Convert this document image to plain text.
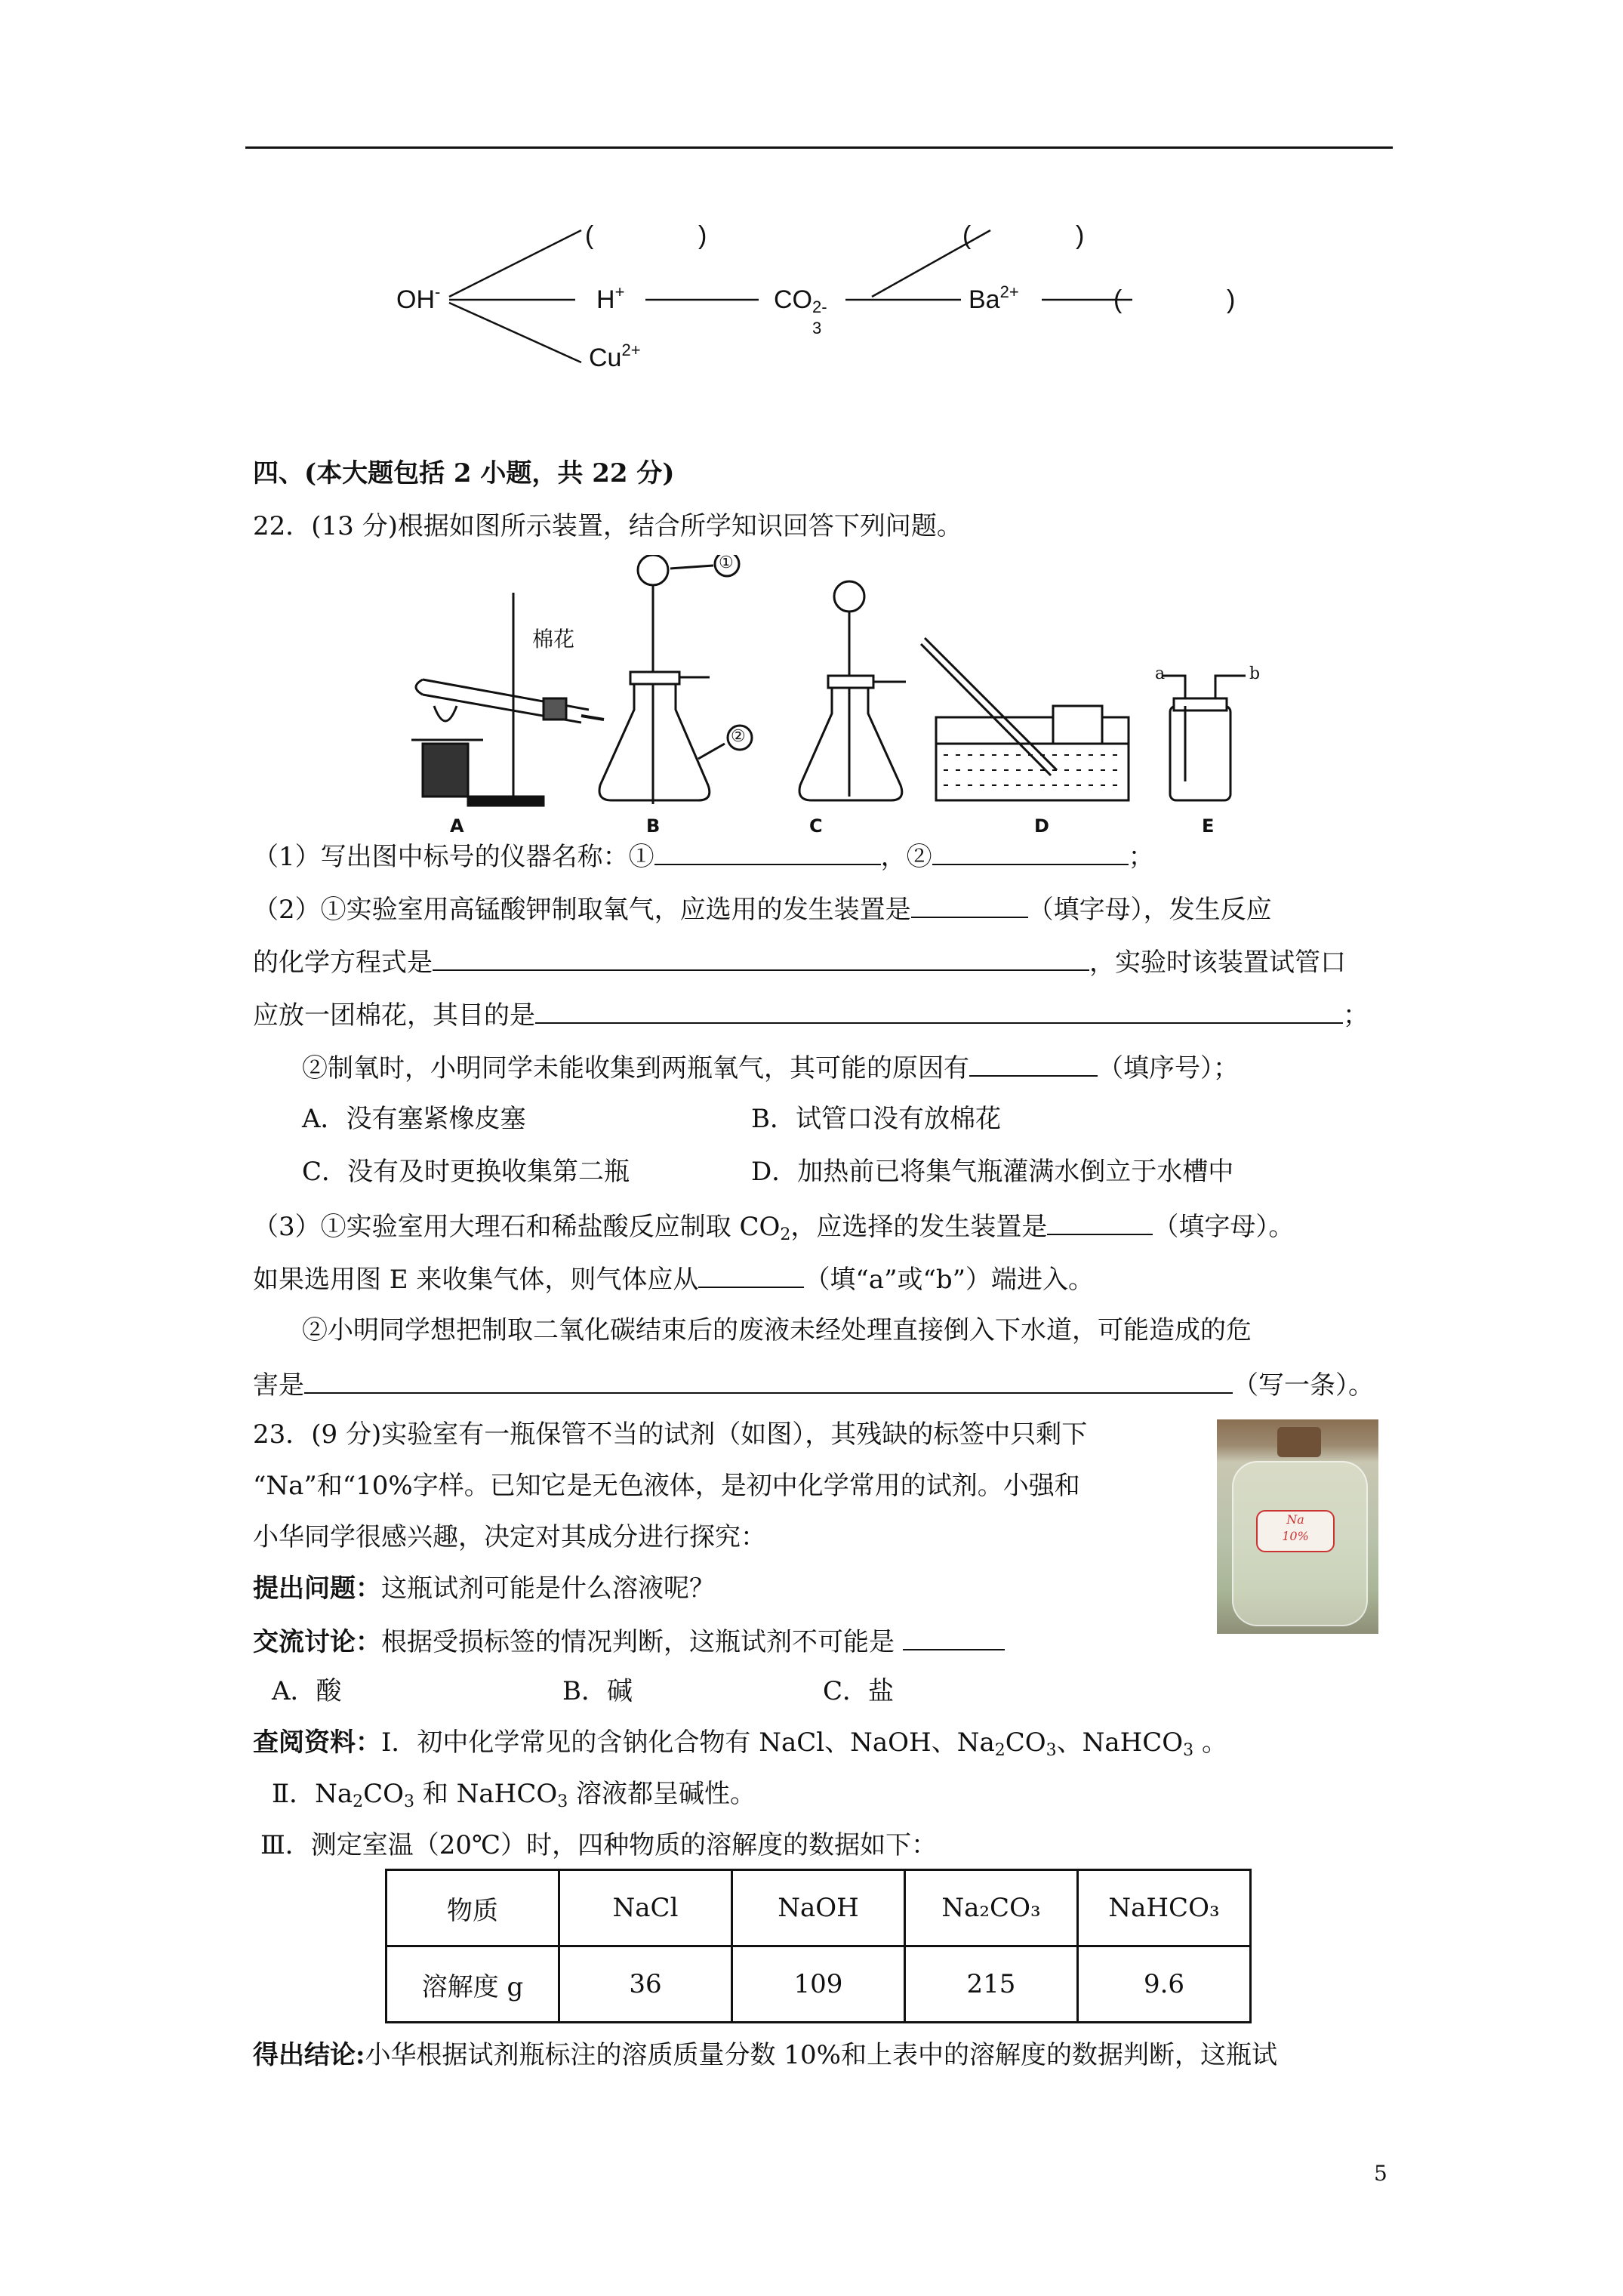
OH-	H+	CO 2-
3
$Ba^{2+}$
$Cu^{2+}$
(	)	(	)
(	)
四、(本大题包括 2 小题，共 22 分)
22．(13 分)根据如图所示装置，结合所学知识回答下列问题。
A	B	C	D	E
棉花
①
②
a	b
（1）写出图中标号的仪器名称：①	，②	；
（2）①实验室用高锰酸钾制取氧气，应选用的发生装置是	（填字母），发生反应
的化学方程式是	，实验时该装置试管口
应放一团棉花，其目的是	；
②制氧时，小明同学未能收集到两瓶氧气，其可能的原因有	（填序号）；
A．没有塞紧橡皮塞	B．试管口没有放棉花
C．没有及时更换收集第二瓶	D．加热前已将集气瓶灌满水倒立于水槽中
（3）①实验室用大理石和稀盐酸反应制取 $CO_2$，应选择的发生装置是	（填字母）。
如果选用图 E 来收集气体，则气体应从	（填“a”或“b”）端进入。
②小明同学想把制取二氧化碳结束后的废液未经处理直接倒入下水道，可能造成的危
害是	（写一条）。
23．(9 分)实验室有一瓶保管不当的试剂（如图），其残缺的标签中只剩下
“Na”和“10%字样。已知它是无色液体，是初中化学常用的试剂。小强和
小华同学很感兴趣，决定对其成分进行探究：
Na
10%
提出问题：这瓶试剂可能是什么溶液呢？
交流讨论：根据受损标签的情况判断，这瓶试剂不可能是
A．酸	B．碱	C．盐
查阅资料：Ⅰ．初中化学常见的含钠化合物有 NaCl、NaOH、$Na_2CO_3$、NaHCO$_3$ 。
Ⅱ．$Na_2CO_3$ 和 NaHCO$_3$ 溶液都呈碱性。
Ⅲ．测定室温（20℃）时，四种物质的溶解度的数据如下：
物质	NaCl	NaOH	Na₂CO₃	NaHCO₃
溶解度 g	36	109	215	9.6
得出结论:小华根据试剂瓶标注的溶质质量分数 10%和上表中的溶解度的数据判断，这瓶试
5
